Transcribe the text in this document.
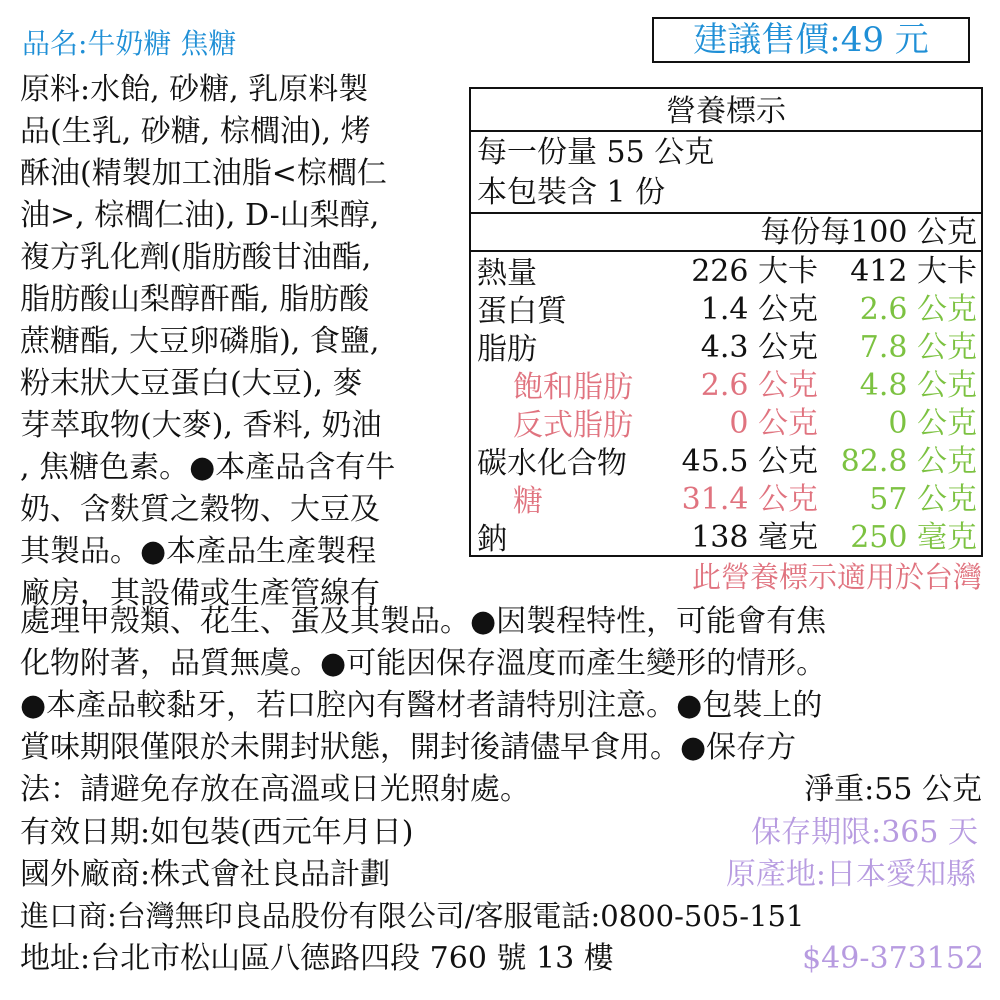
品名:牛奶糖 焦糖	建議售價:49 元
原料:水飴, 砂糖, 乳原料製
品(生乳, 砂糖, 棕櫚油), 烤
酥油(精製加工油脂<棕櫚仁
油>, 棕櫚仁油), D-山梨醇,
複方乳化劑(脂肪酸甘油酯,
脂肪酸山梨醇酐酯, 脂肪酸
蔗糖酯, 大豆卵磷脂), 食鹽,
粉末狀大豆蛋白(大豆), 麥
芽萃取物(大麥), 香料, 奶油
, 焦糖色素。●本產品含有牛
奶、含麩質之穀物、大豆及
其製品。●本產品生產製程
廠房，其設備或生產管線有
營養標示
每一份量 55 公克
本包裝含 1 份
每份每100 公克
熱量	226 大卡 412 大卡
蛋白質	1.4 公克 2.6 公克
脂肪	4.3 公克 7.8 公克
飽和脂肪 2.6 公克 4.8 公克
反式脂肪	0 公克 0 公克
碳水化合物 45.5 公克 82.8 公克
糖	31.4 公克 57 公克
鈉	138 毫克 250 毫克
此營養標示適用於台灣
處理甲殼類、花生、蛋及其製品。●因製程特性，可能會有焦
化物附著，品質無虞。●可能因保存溫度而產生變形的情形。
●本產品較黏牙，若口腔內有醫材者請特別注意。●包裝上的
賞味期限僅限於未開封狀態，開封後請儘早食用。●保存方
法：請避免存放在高溫或日光照射處。	淨重:55 公克
有效日期:如包裝(西元年月日)	保存期限:365 天
國外廠商:株式會社良品計劃	原產地:日本愛知縣
進口商:台灣無印良品股份有限公司/客服電話:0800-505-151
地址:台北市松山區八德路四段 760 號 13 樓	$49-373152
